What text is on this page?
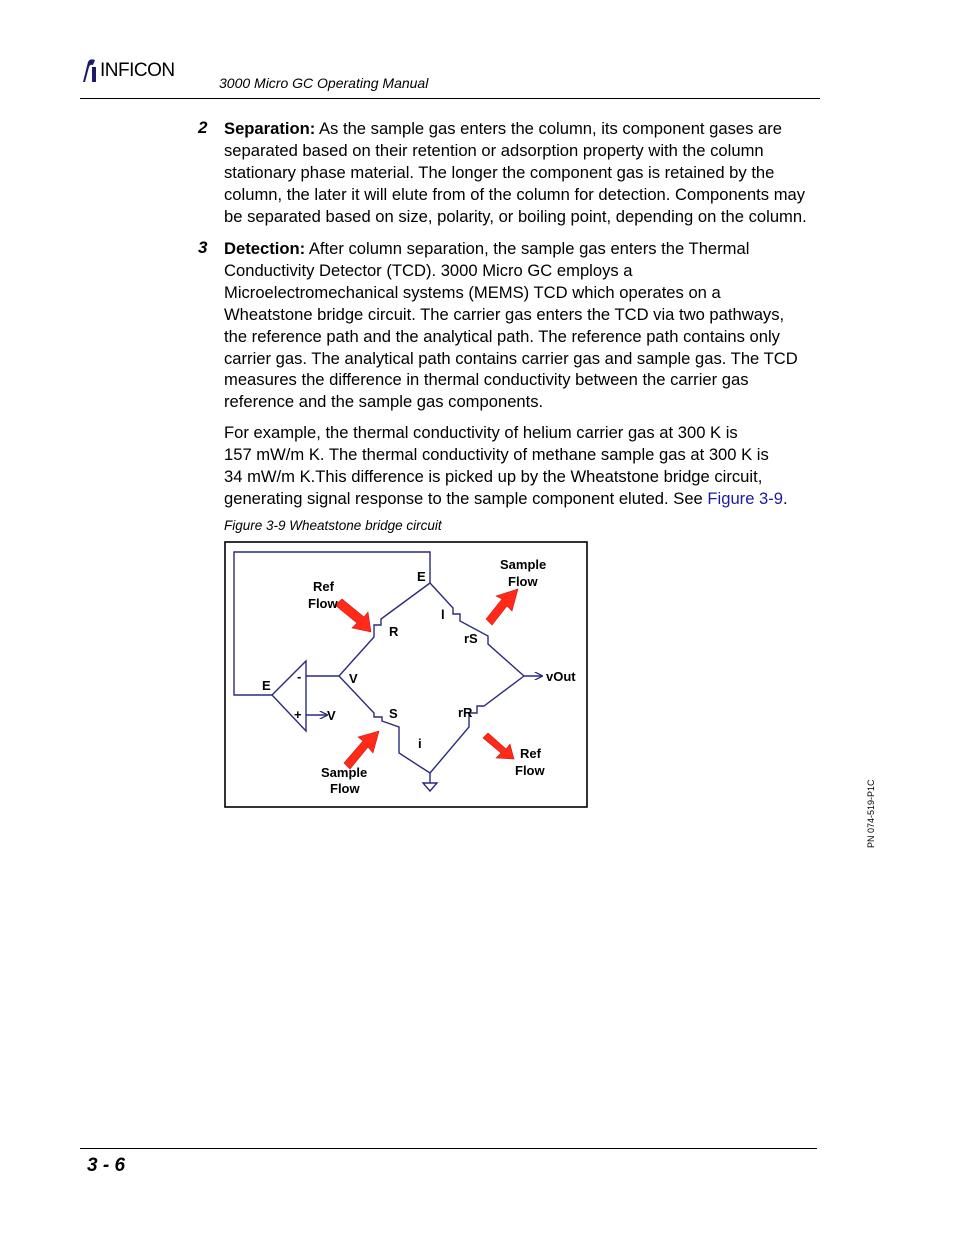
INFICON
3000 Micro GC Operating Manual
2 Separation: As the sample gas enters the column, its component gases are
separated based on their retention or adsorption property with the column
stationary phase material. The longer the component gas is retained by the
column, the later it will elute from of the column for detection. Components may
be separated based on size, polarity, or boiling point, depending on the column.
3 Detection: After column separation, the sample gas enters the Thermal
Conductivity Detector (TCD). 3000 Micro GC employs a
Microelectromechanical systems (MEMS) TCD which operates on a
Wheatstone bridge circuit. The carrier gas enters the TCD via two pathways,
the reference path and the analytical path. The reference path contains only
carrier gas. The analytical path contains carrier gas and sample gas. The TCD
measures the difference in thermal conductivity between the carrier gas
reference and the sample gas components.
For example, the thermal conductivity of helium carrier gas at 300 K is
157 mW/m K. The thermal conductivity of methane sample gas at 300 K is
34 mW/m K.This difference is picked up by the Wheatstone bridge circuit,
generating signal response to the sample component eluted. See Figure 3-9.
Figure 3-9 Wheatstone bridge circuit
Ref
Flow
E
Sample
Flow
R
l
rS
-
E	V	vOut
+ V	S	rR
i
Ref
Flow
Sample
Flow	PN 074-519-P1C
3 - 6
